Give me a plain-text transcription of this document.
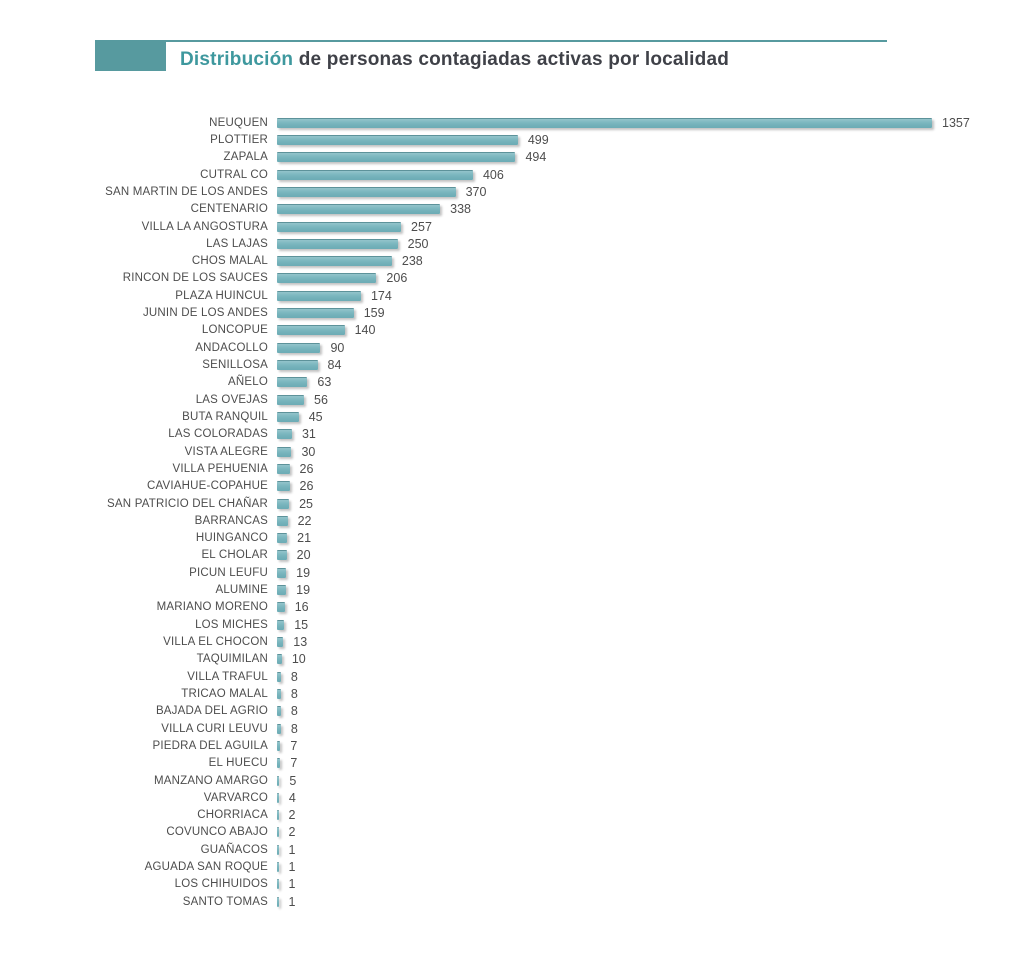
Distribución de personas contagiadas activas por localidad
NEUQUEN	1357
PLOTTIER	499
ZAPALA	494
CUTRAL CO	406
SAN MARTIN DE LOS ANDES	370
CENTENARIO	338
VILLA LA ANGOSTURA	257
LAS LAJAS	250
CHOS MALAL	238
RINCON DE LOS SAUCES	206
PLAZA HUINCUL	174
JUNIN DE LOS ANDES	159
LONCOPUE	140
ANDACOLLO	90
SENILLOSA	84
AÑELO	63
LAS OVEJAS	56
BUTA RANQUIL	45
LAS COLORADAS	31
VISTA ALEGRE	30
VILLA PEHUENIA	26
CAVIAHUE-COPAHUE	26
SAN PATRICIO DEL CHAÑAR 25
BARRANCAS 22
HUINGANCO 21
EL CHOLAR 20
PICUN LEUFU 19
ALUMINE 19
MARIANO MORENO 16
LOS MICHES 15
VILLA EL CHOCON 13
TAQUIMILAN 10
VILLA TRAFUL 8
TRICAO MALAL 8
BAJADA DEL AGRIO 8
VILLA CURI LEUVU 8
PIEDRA DEL AGUILA 7
EL HUECU 7
MANZANO AMARGO 5
VARVARCO 4
CHORRIACA 2
COVUNCO ABAJO 2
GUAÑACOS 1
AGUADA SAN ROQUE 1
LOS CHIHUIDOS 1
SANTO TOMAS 1
